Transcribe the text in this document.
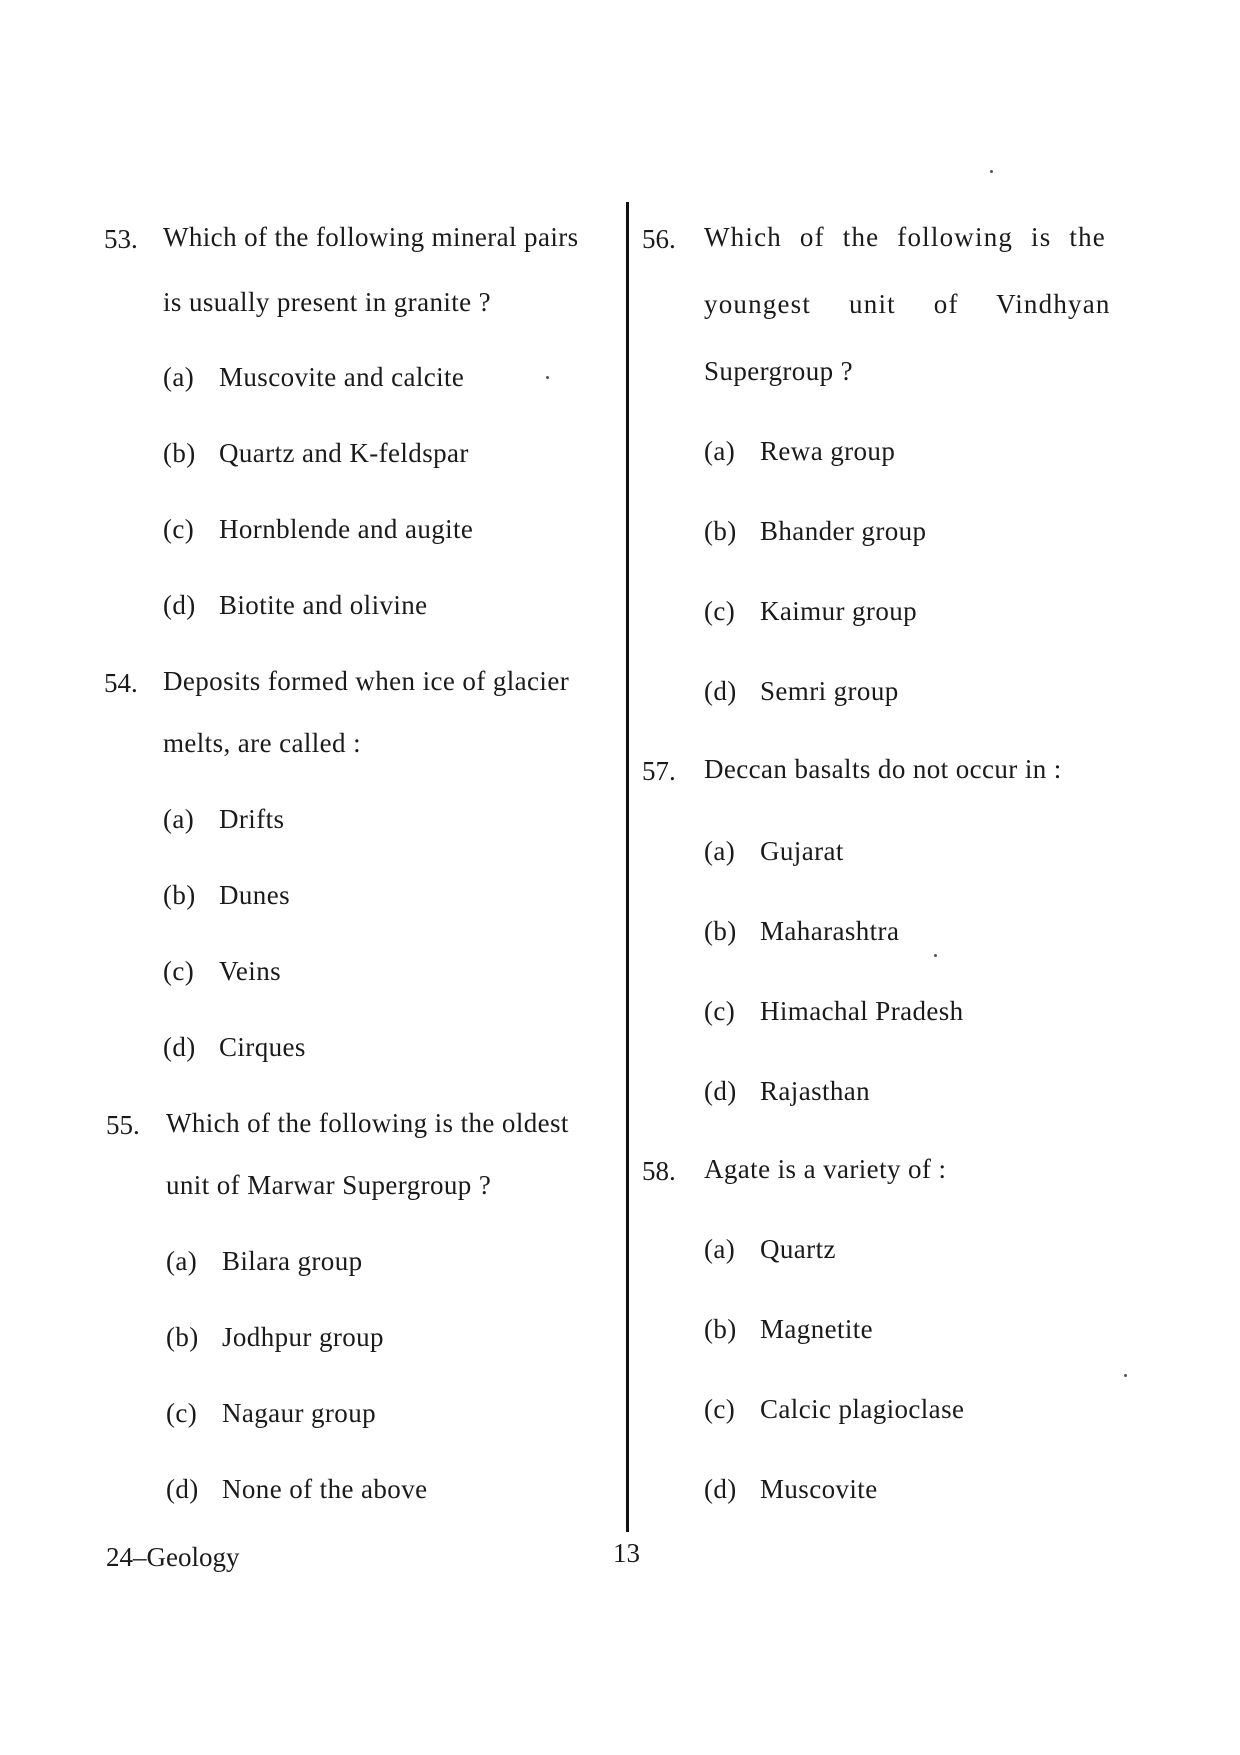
53. Which of the following mineral pairs
is usually present in granite ?
(a) Muscovite and calcite
(b) Quartz and K-feldspar
(c) Hornblende and augite
(d) Biotite and olivine
54. Deposits formed when ice of glacier
melts, are called :
(a) Drifts
(b) Dunes
(c) Veins
(d) Cirques
55. Which of the following is the oldest
unit of Marwar Supergroup ?
(a) Bilara group
(b) Jodhpur group
(c) Nagaur group
(d) None of the above
56. Which of the following is the
youngest unit of Vindhyan
Supergroup ?
(a) Rewa group
(b) Bhander group
(c) Kaimur group
(d) Semri group
57. Deccan basalts do not occur in :
(a) Gujarat
(b) Maharashtra
(c) Himachal Pradesh
(d) Rajasthan
58. Agate is a variety of :
(a) Quartz
(b) Magnetite
(c) Calcic plagioclase
(d) Muscovite
24–Geology	13
